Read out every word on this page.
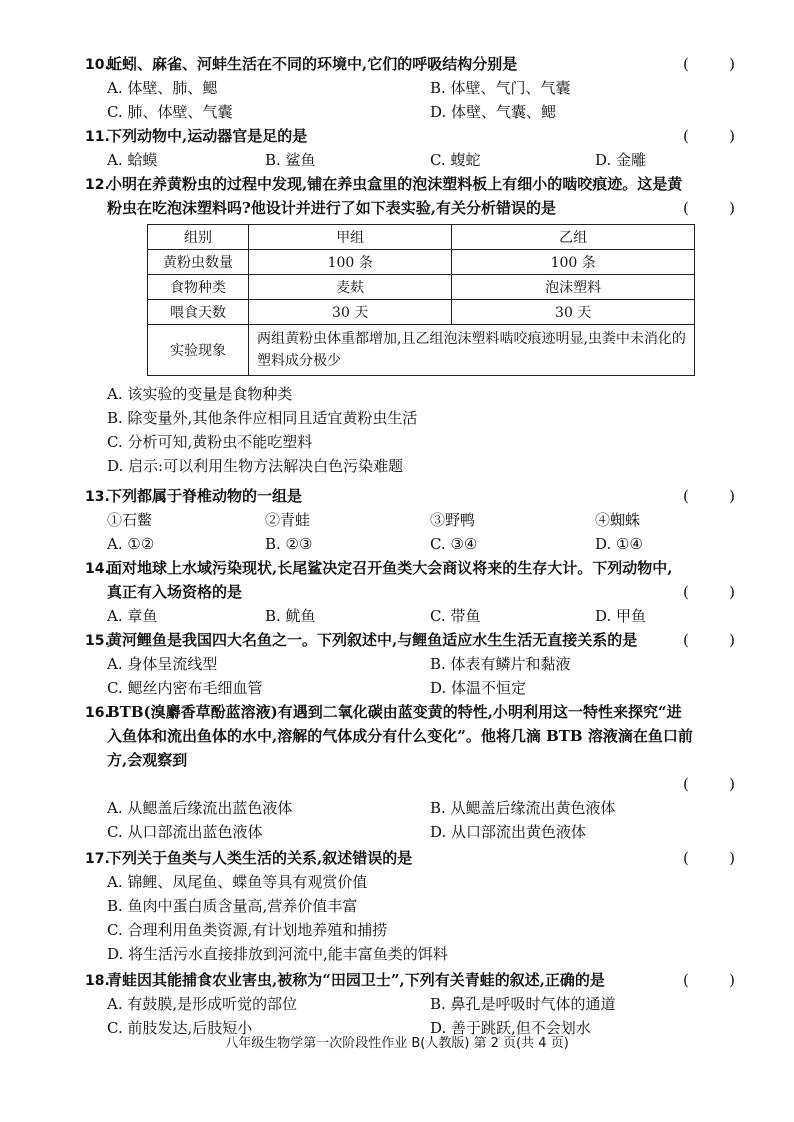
10.蚯蚓、麻雀、河蚌生活在不同的环境中,它们的呼吸结构分别是	(	)
A. 体壁、肺、鳃	B. 体壁、气门、气囊
C. 肺、体壁、气囊	D. 体壁、气囊、鳃
11.下列动物中,运动器官是足的是	(	)
A. 蛤蟆	B. 鲨鱼	C. 蝮蛇	D. 金雕
12.小明在养黄粉虫的过程中发现,铺在养虫盒里的泡沫塑料板上有细小的啮咬痕迹。这是黄
粉虫在吃泡沫塑料吗?他设计并进行了如下表实验,有关分析错误的是	(	)
组别	甲组	乙组
黄粉虫数量	100 条	100 条
食物种类	麦麸	泡沫塑料
喂食天数	30 天	30 天
实验现象	两组黄粉虫体重都增加,且乙组泡沫塑料啮咬痕迹明显,虫粪中未消化的塑料成分极少	
A. 该实验的变量是食物种类
B. 除变量外,其他条件应相同且适宜黄粉虫生活
C. 分析可知,黄粉虫不能吃塑料
D. 启示:可以利用生物方法解决白色污染难题
13.下列都属于脊椎动物的一组是	(	)
①石鳖	②青蛙	③野鸭	④蜘蛛
A. ①②	B. ②③	C. ③④	D. ①④
14.面对地球上水域污染现状,长尾鲨决定召开鱼类大会商议将来的生存大计。下列动物中,
真正有入场资格的是	(	)
A. 章鱼	B. 鱿鱼	C. 带鱼	D. 甲鱼
15.黄河鲤鱼是我国四大名鱼之一。下列叙述中,与鲤鱼适应水生生活无直接关系的是	(	)
A. 身体呈流线型	B. 体表有鳞片和黏液
C. 鳃丝内密布毛细血管	D. 体温不恒定
16.BTB(溴麝香草酚蓝溶液)有遇到二氧化碳由蓝变黄的特性,小明利用这一特性来探究“进
入鱼体和流出鱼体的水中,溶解的气体成分有什么变化”。他将几滴 BTB 溶液滴在鱼口前
方,会观察到
(	)
A. 从鳃盖后缘流出蓝色液体	B. 从鳃盖后缘流出黄色液体
C. 从口部流出蓝色液体	D. 从口部流出黄色液体
17.下列关于鱼类与人类生活的关系,叙述错误的是	(	)
A. 锦鲤、凤尾鱼、蝶鱼等具有观赏价值
B. 鱼肉中蛋白质含量高,营养价值丰富
C. 合理利用鱼类资源,有计划地养殖和捕捞
D. 将生活污水直接排放到河流中,能丰富鱼类的饵料
18.青蛙因其能捕食农业害虫,被称为“田园卫士”,下列有关青蛙的叙述,正确的是	(	)
A. 有鼓膜,是形成听觉的部位	B. 鼻孔是呼吸时气体的通道
C. 前肢发达,后肢短小	D. 善于跳跃,但不会划水
八年级生物学第一次阶段性作业 B(人教版) 第 2 页(共 4 页)
